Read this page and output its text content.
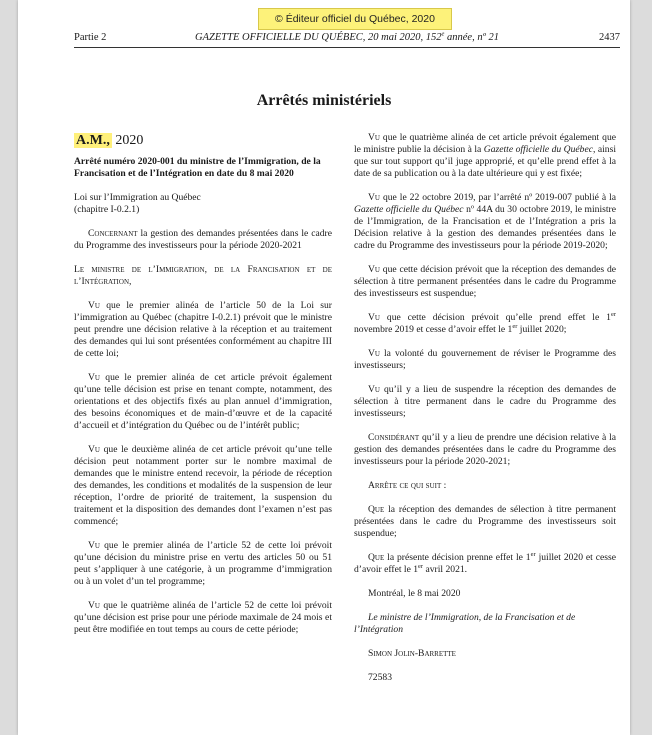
© Éditeur officiel du Québec, 2020
Partie 2	GAZETTE OFFICIELLE DU QUÉBEC, 20 mai 2020, 152e année, nº 21	2437
Arrêtés ministériels
A.M., 2020

Arrêté numéro 2020-001 du ministre de l’Immigration, de la Francisation et de l’Intégration en date du 8 mai 2020

Loi sur l’Immigration au Québec
(chapitre I-0.2.1)

Concernant la gestion des demandes présentées dans le cadre du Programme des investisseurs pour la période 2020-2021

Le ministre de l’Immigration, de la Francisation et de l’Intégration,

Vu que le premier alinéa de l’article 50 de la Loi sur l’immigration au Québec (chapitre I-0.2.1) prévoit que le ministre peut prendre une décision relative à la réception et au traitement des demandes qui lui sont présentées conformément au chapitre III de cette loi;

Vu que le premier alinéa de cet article prévoit également qu’une telle décision est prise en tenant compte, notamment, des orientations et des objectifs fixés au plan annuel d’immigration, des besoins économiques et de main-d’œuvre et de la capacité d’accueil et d’intégration du Québec ou de l’intérêt public;

Vu que le deuxième alinéa de cet article prévoit qu’une telle décision peut notamment porter sur le nombre maximal de demandes que le ministre entend recevoir, la période de réception des demandes, les conditions et modalités de la suspension de leur réception, l’ordre de priorité de traitement, la suspension du traitement et la disposition des demandes dont l’examen n’est pas commencé;

Vu que le premier alinéa de l’article 52 de cette loi prévoit qu’une décision du ministre prise en vertu des articles 50 ou 51 peut s’appliquer à une catégorie, à un programme d’immigration ou à un volet d’un tel programme;

Vu que le quatrième alinéa de l’article 52 de cette loi prévoit qu’une décision est prise pour une période maximale de 24 mois et peut être modifiée en tout temps au cours de cette période;

Vu que le quatrième alinéa de cet article prévoit également que le ministre publie la décision à la Gazette officielle du Québec, ainsi que sur tout support qu’il juge approprié, et qu’elle prend effet à la date de sa publication ou à la date ultérieure qui y est fixée;

Vu que le 22 octobre 2019, par l’arrêté nº 2019-007 publié à la Gazette officielle du Québec nº 44A du 30 octobre 2019, le ministre de l’Immigration, de la Francisation et de l’Intégration a pris la Décision relative à la gestion des demandes présentées dans le cadre du Programme des investisseurs pour la période 2019-2020;

Vu que cette décision prévoit que la réception des demandes de sélection à titre permanent présentées dans le cadre du Programme des investisseurs est suspendue;

Vu que cette décision prévoit qu’elle prend effet le 1er novembre 2019 et cesse d’avoir effet le 1er juillet 2020;

Vu la volonté du gouvernement de réviser le Programme des investisseurs;

Vu qu’il y a lieu de suspendre la réception des demandes de sélection à titre permanent dans le cadre du Programme des investisseurs;

Considérant qu’il y a lieu de prendre une décision relative à la gestion des demandes présentées dans le cadre du Programme des investisseurs pour la période 2020-2021;

Arrête ce qui suit :

Que la réception des demandes de sélection à titre permanent présentées dans le cadre du Programme des investisseurs soit suspendue;

Que la présente décision prenne effet le 1er juillet 2020 et cesse d’avoir effet le 1er avril 2021.

Montréal, le 8 mai 2020

Le ministre de l’Immigration, de la Francisation et de l’Intégration

Simon Jolin-Barrette

72583
